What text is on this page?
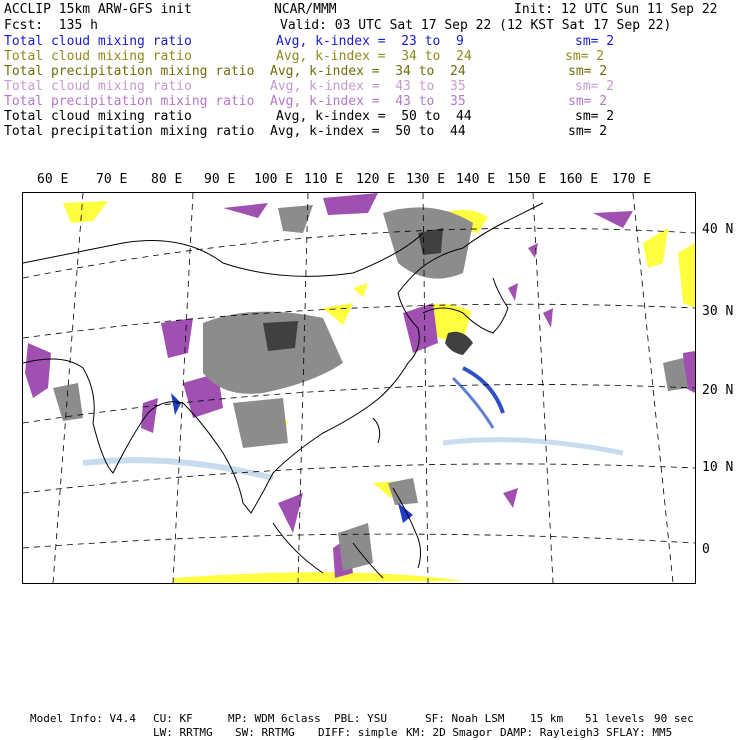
ACCLIP 15km ARW-GFS init	NCAR/MMM	Init: 12 UTC Sun 11 Sep 22
Fcst:  135 h	Valid: 03 UTC Sat 17 Sep 22 (12 KST Sat 17 Sep 22)
Total cloud mixing ratio	Avg, k-index =  23 to  9	sm= 2
Total cloud mixing ratio	Avg, k-index =  34 to  24	sm= 2
Total precipitation mixing ratio Avg, k-index =  34 to  24	sm= 2
Total cloud mixing ratio	Avg, k-index =  43 to  35	sm= 2
Total precipitation mixing ratio Avg, k-index =  43 to  35	sm= 2
Total cloud mixing ratio	Avg, k-index =  50 to  44	sm= 2
Total precipitation mixing ratio Avg, k-index =  50 to  44	sm= 2
60 E 70 E 80 E 90 E 100 E 110 E 120 E 130 E 140 E 150 E 160 E 170 E
40 N
30 N
20 N
10 N
0
Model Info: V4.4 CU: KF	MP: WDM 6class PBL: YSU	SF: Noah LSM 15 km 51 levels 90 sec
LW: RRTMG SW: RRTMG DIFF: simple KM: 2D Smagor DAMP: Rayleigh3 SFLAY: MM5
